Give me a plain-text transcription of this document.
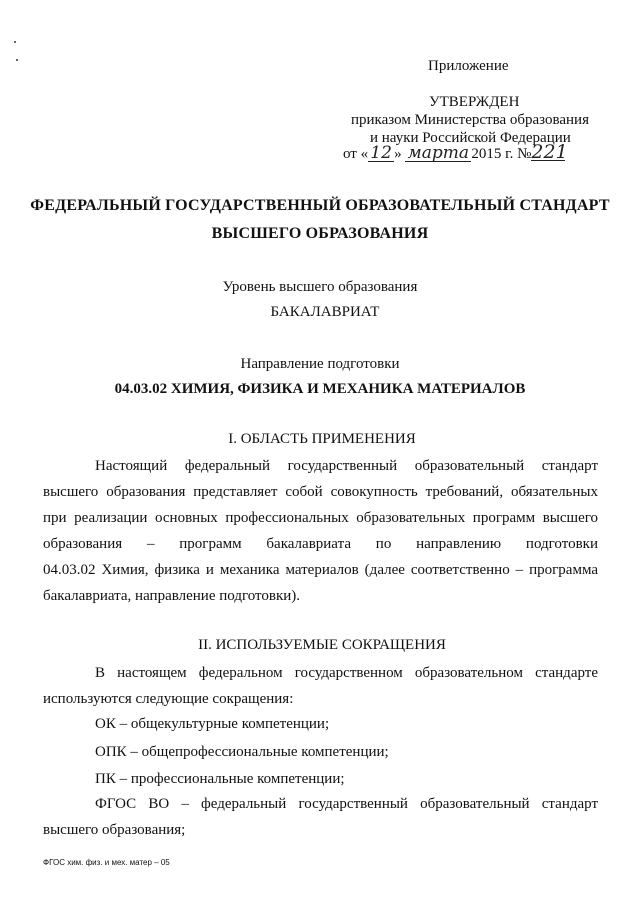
Приложение
УТВЕРЖДЕН
приказом Министерства образования
и науки Российской Федерации
от « 12 » марта 2015 г. №221
ФЕДЕРАЛЬНЫЙ ГОСУДАРСТВЕННЫЙ ОБРАЗОВАТЕЛЬНЫЙ СТАНДАРТ
ВЫСШЕГО ОБРАЗОВАНИЯ
Уровень высшего образования
БАКАЛАВРИАТ
Направление подготовки
04.03.02 ХИМИЯ, ФИЗИКА И МЕХАНИКА МАТЕРИАЛОВ
I. ОБЛАСТЬ ПРИМЕНЕНИЯ
Настоящий федеральный государственный образовательный стандарт
высшего образования представляет собой совокупность требований, обязательных
при реализации основных профессиональных образовательных программ высшего
образования – программ бакалавриата по направлению подготовки
04.03.02 Химия, физика и механика материалов (далее соответственно – программа
бакалавриата, направление подготовки).
II. ИСПОЛЬЗУЕМЫЕ СОКРАЩЕНИЯ
В настоящем федеральном государственном образовательном стандарте
используются следующие сокращения:
ОК – общекультурные компетенции;
ОПК – общепрофессиональные компетенции;
ПК – профессиональные компетенции;
ФГОС ВО – федеральный государственный образовательный стандарт
высшего образования;
ФГОС хим. физ. и мех. матер – 05
